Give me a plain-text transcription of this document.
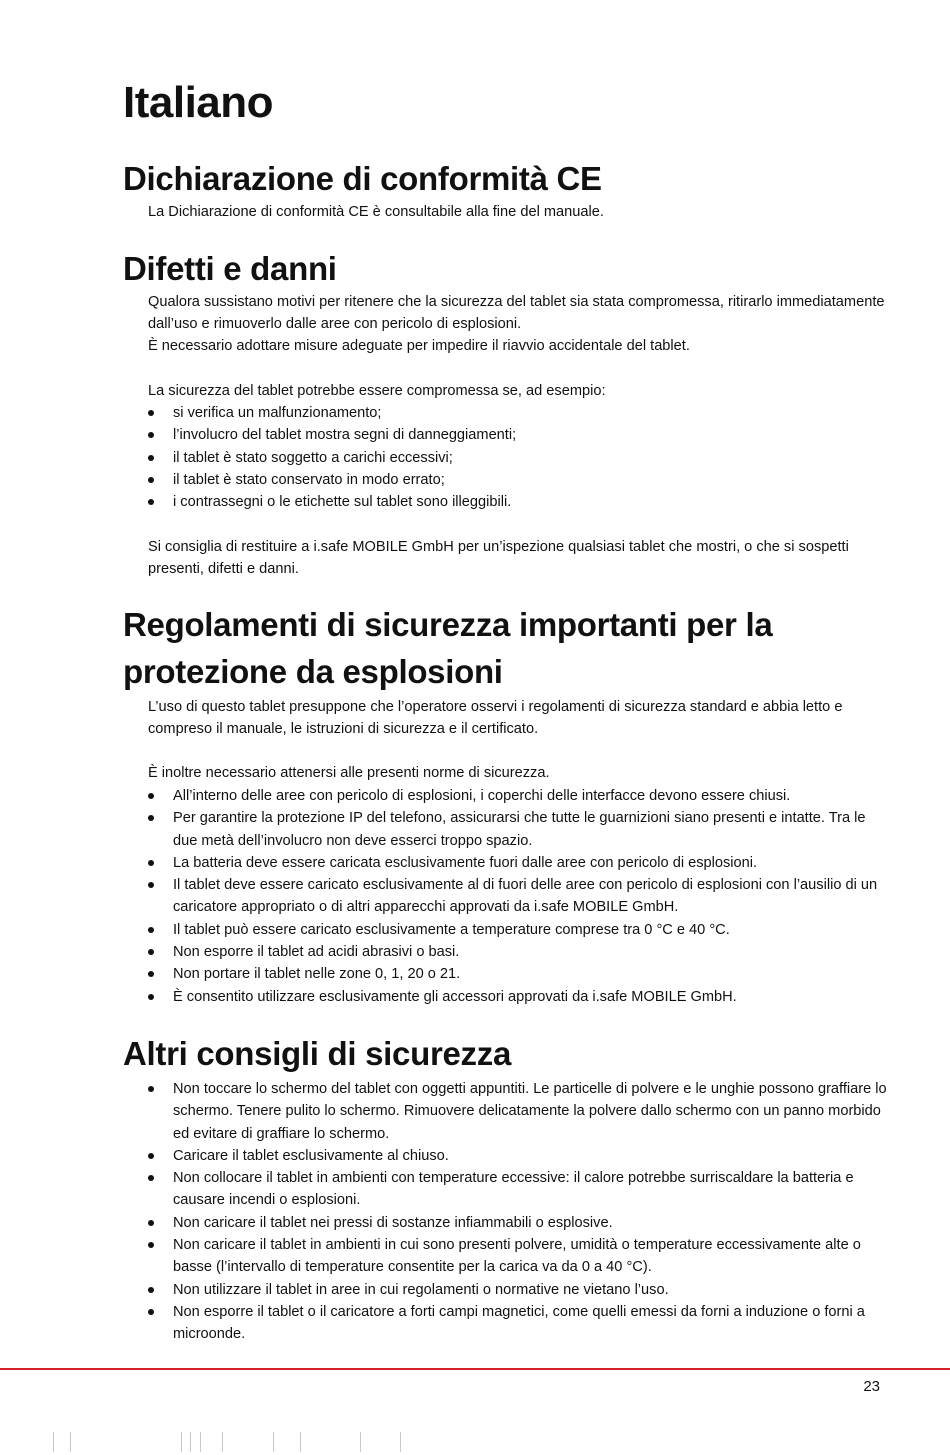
Italiano
Dichiarazione di conformità CE

La Dichiarazione di conformità CE è consultabile alla fine del manuale.

Difetti e danni

Qualora sussistano motivi per ritenere che la sicurezza del tablet sia stata compromessa, ritirarlo immediatamente dall’uso e rimuoverlo dalle aree con pericolo di esplosioni.

È necessario adottare misure adeguate per impedire il riavvio accidentale del tablet.

La sicurezza del tablet potrebbe essere compromessa se, ad esempio:

si verifica un malfunzionamento;
l’involucro del tablet mostra segni di danneggiamenti;
il tablet è stato soggetto a carichi eccessivi;
il tablet è stato conservato in modo errato;
i contrassegni o le etichette sul tablet sono illeggibili.

Si consiglia di restituire a i.safe MOBILE GmbH per un’ispezione qualsiasi tablet che mostri, o che si sospetti presenti, difetti e danni.

Regolamenti di sicurezza importanti per la
protezione da esplosioni

L’uso di questo tablet presuppone che l’operatore osservi i regolamenti di sicurezza standard e abbia letto e compreso il manuale, le istruzioni di sicurezza e il certificato.

È inoltre necessario attenersi alle presenti norme di sicurezza.

All’interno delle aree con pericolo di esplosioni, i coperchi delle interfacce devono essere chiusi.
Per garantire la protezione IP del telefono, assicurarsi che tutte le guarnizioni siano presenti e intatte. Tra le due metà dell’involucro non deve esserci troppo spazio.
La batteria deve essere caricata esclusivamente fuori dalle aree con pericolo di esplosioni.
Il tablet deve essere caricato esclusivamente al di fuori delle aree con pericolo di esplosioni con l’ausilio di un caricatore appropriato o di altri apparecchi approvati da i.safe MOBILE GmbH.
Il tablet può essere caricato esclusivamente a temperature comprese tra 0 °C e 40 °C.
Non esporre il tablet ad acidi abrasivi o basi.
Non portare il tablet nelle zone 0, 1, 20 o 21.
È consentito utilizzare esclusivamente gli accessori approvati da i.safe MOBILE GmbH.
Altri consigli di sicurezza
Non toccare lo schermo del tablet con oggetti appuntiti. Le particelle di polvere e le unghie possono graffiare lo schermo. Tenere pulito lo schermo. Rimuovere delicatamente la polvere dallo schermo con un panno morbido ed evitare di graffiare lo schermo.
Caricare il tablet esclusivamente al chiuso.
Non collocare il tablet in ambienti con temperature eccessive: il calore potrebbe surriscaldare la batteria e causare incendi o esplosioni.
Non caricare il tablet nei pressi di sostanze infiammabili o esplosive.
Non caricare il tablet in ambienti in cui sono presenti polvere, umidità o temperature eccessivamente alte o basse (l’intervallo di temperature consentite per la carica va da 0 a 40 °C).
Non utilizzare il tablet in aree in cui regolamenti o normative ne vietano l’uso.
Non esporre il tablet o il caricatore a forti campi magnetici, come quelli emessi da forni a induzione o forni a microonde.
23
